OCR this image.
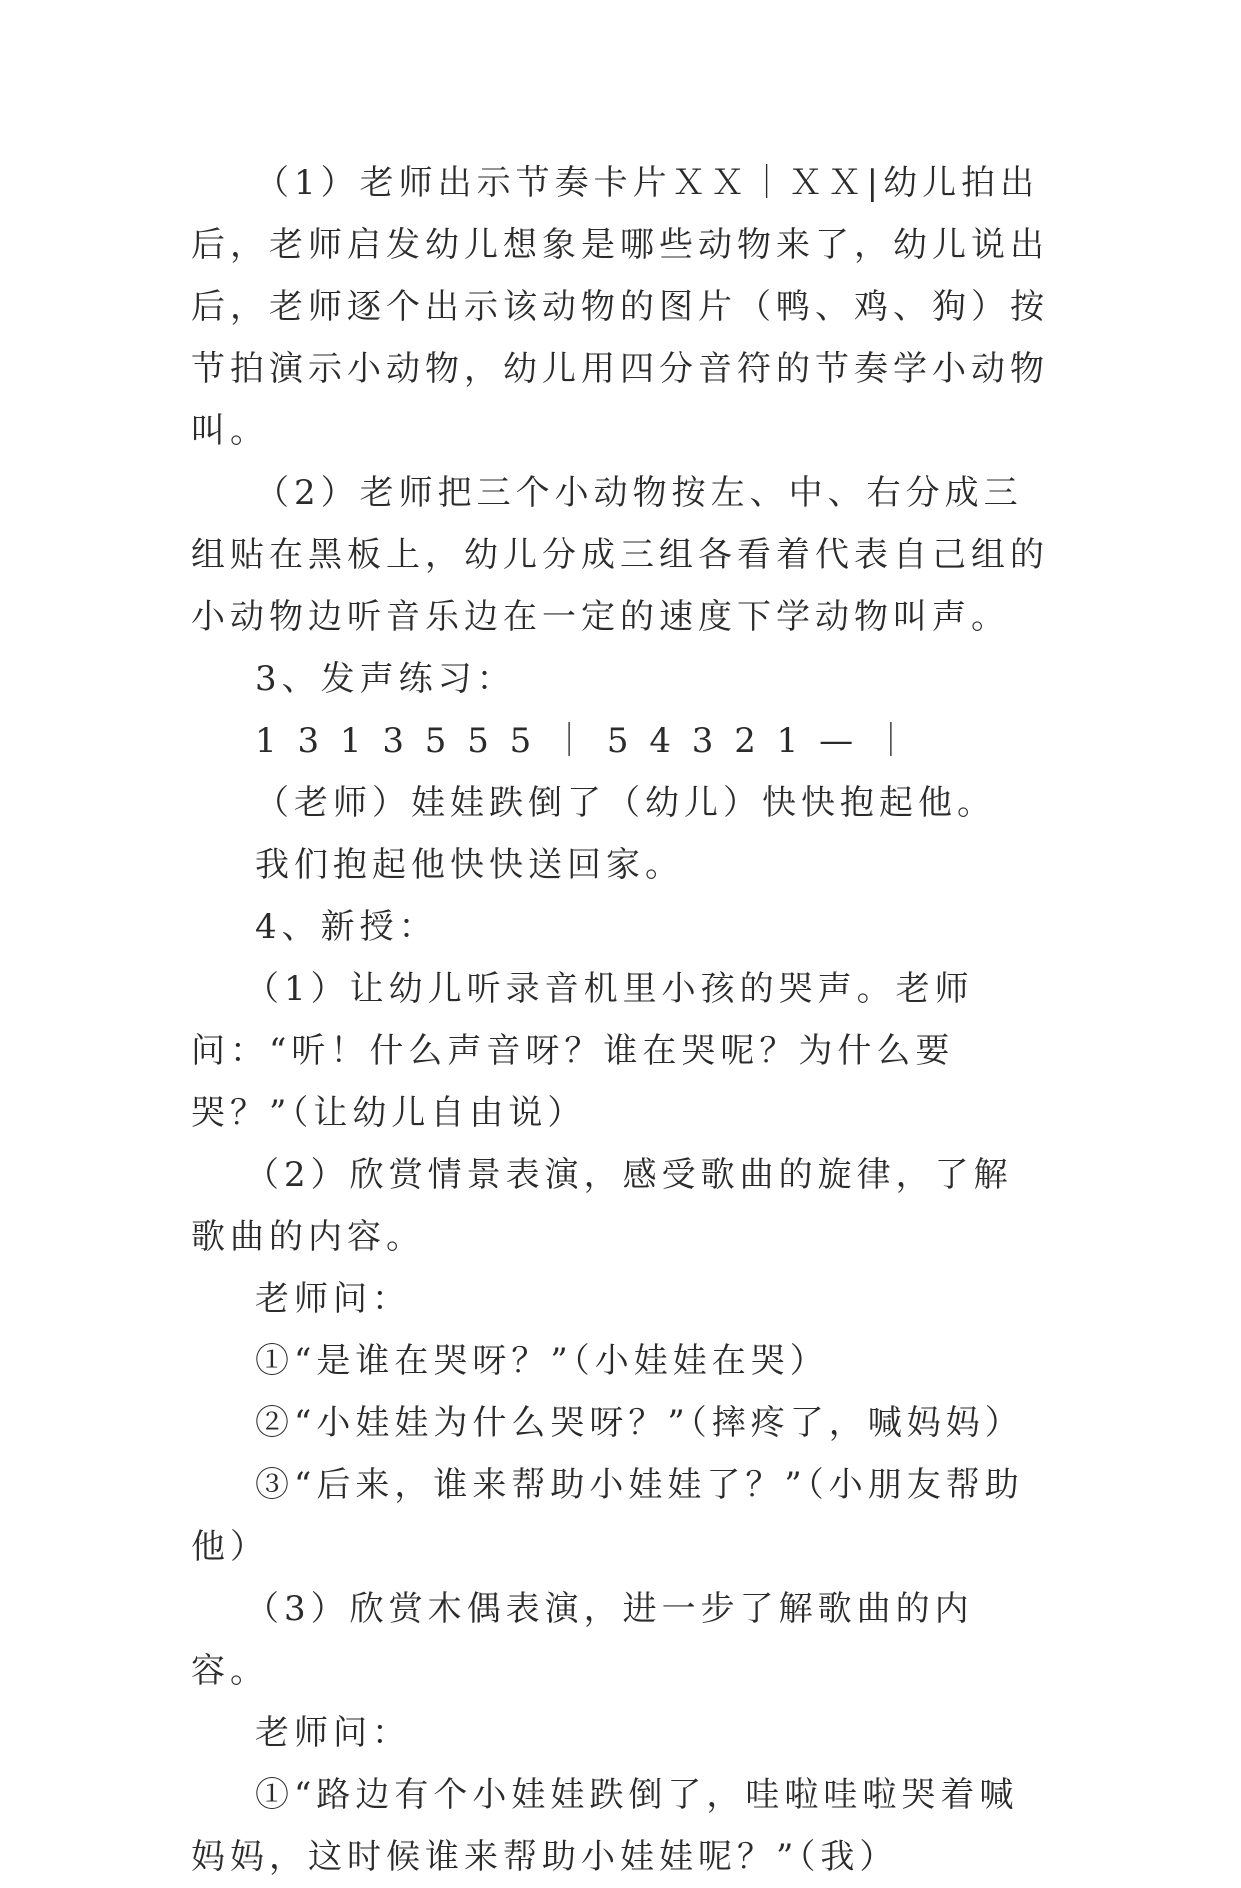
（1）老师出示节奏卡片ＸＸ｜ＸＸ|幼儿拍出后，老师启发幼儿想象是哪些动物来了，幼儿说出后，老师逐个出示该动物的图片（鸭、鸡、狗）按节拍演示小动物，幼儿用四分音符的节奏学小动物叫。

（2）老师把三个小动物按左、中、右分成三组贴在黑板上，幼儿分成三组各看着代表自己组的小动物边听音乐边在一定的速度下学动物叫声。

3、发声练习：

1 3 1 3 5 5 5 ｜ 5 4 3 2 1 — ｜

（老师）娃娃跌倒了（幼儿）快快抱起他。

我们抱起他快快送回家。

4、新授：

（1）让幼儿听录音机里小孩的哭声。老师问：“听！什么声音呀？谁在哭呢？为什么要哭？”（让幼儿自由说）

（2）欣赏情景表演，感受歌曲的旋律，了解歌曲的内容。

老师问：

①“是谁在哭呀？”（小娃娃在哭）

②“小娃娃为什么哭呀？”（摔疼了，喊妈妈）

③“后来，谁来帮助小娃娃了？”（小朋友帮助他）

（3）欣赏木偶表演，进一步了解歌曲的内容。

老师问：

①“路边有个小娃娃跌倒了，哇啦哇啦哭着喊妈妈，这时候谁来帮助小娃娃呢？”（我）
